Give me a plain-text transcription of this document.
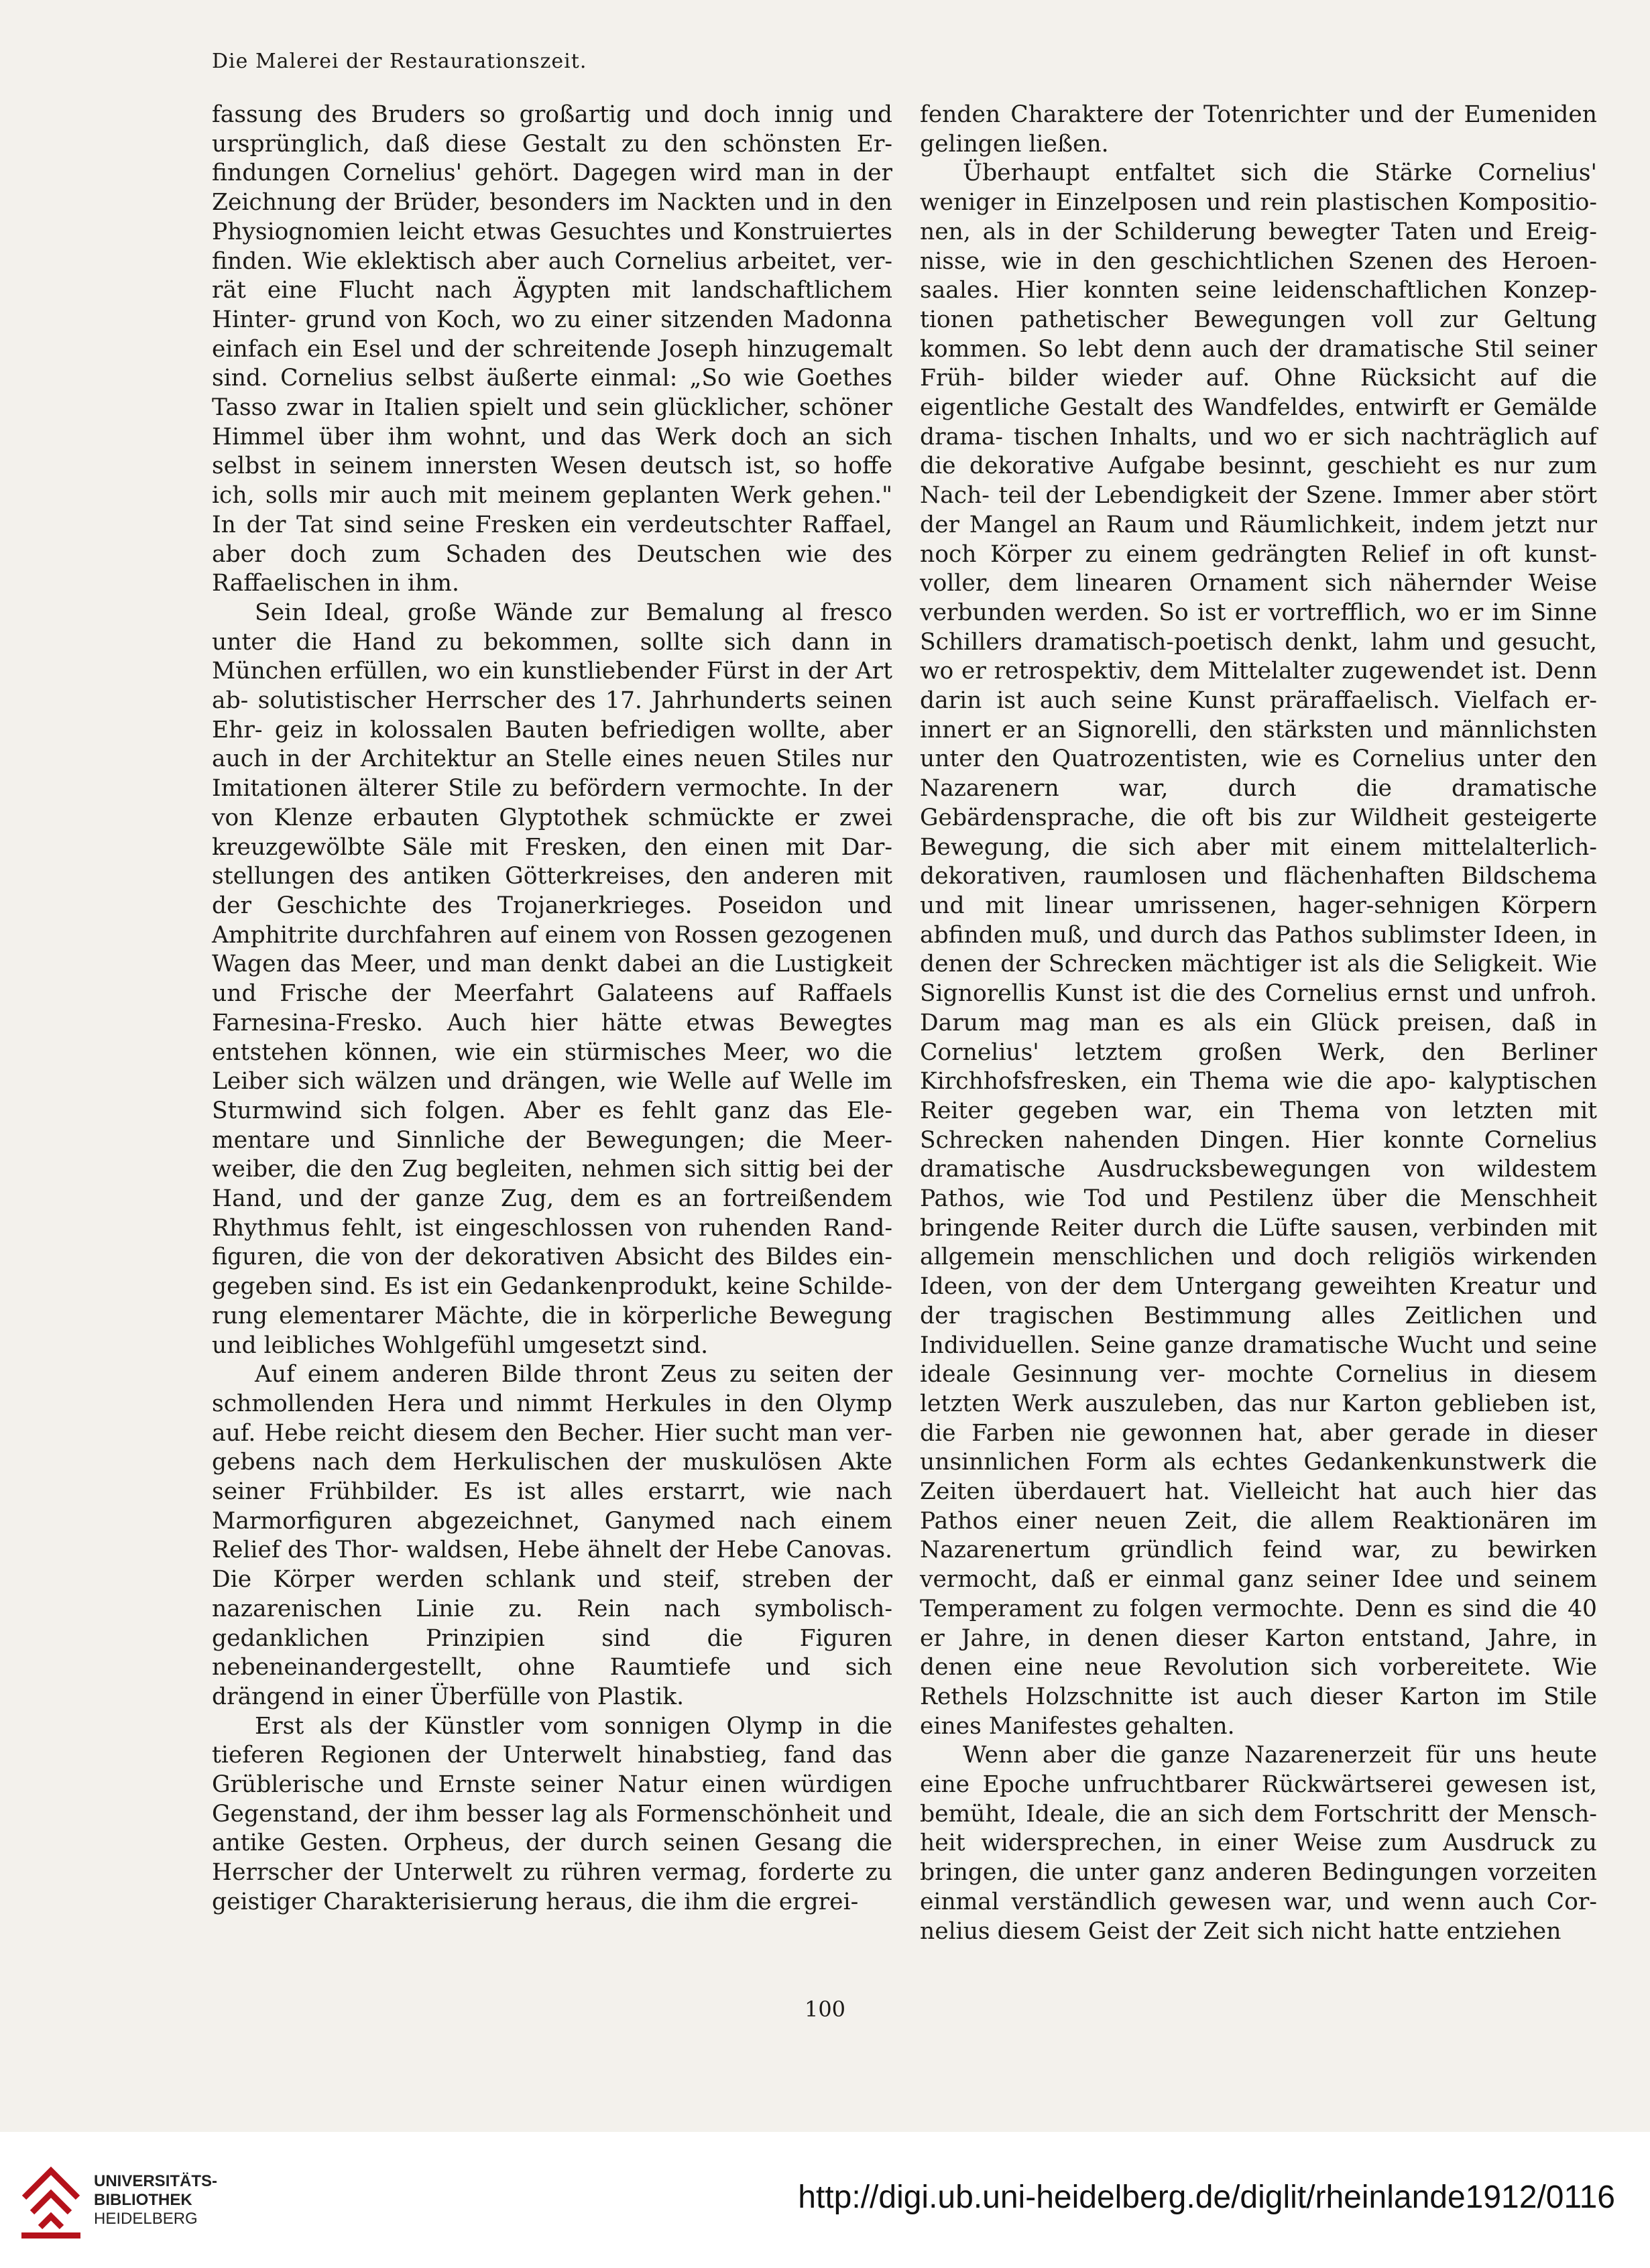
Die Malerei der Restaurationszeit.

fassung des Bruders so großartig und doch innig und ursprünglich, daß diese Gestalt zu den schönsten Er- findungen Cornelius' gehört. Dagegen wird man in der Zeichnung der Brüder, besonders im Nackten und in den Physiognomien leicht etwas Gesuchtes und Konstruiertes finden. Wie eklektisch aber auch Cornelius arbeitet, ver- rät eine Flucht nach Ägypten mit landschaftlichem Hinter- grund von Koch, wo zu einer sitzenden Madonna einfach ein Esel und der schreitende Joseph hinzugemalt sind. Cornelius selbst äußerte einmal: „So wie Goethes Tasso zwar in Italien spielt und sein glücklicher, schöner Himmel über ihm wohnt, und das Werk doch an sich selbst in seinem innersten Wesen deutsch ist, so hoffe ich, solls mir auch mit meinem geplanten Werk gehen." In der Tat sind seine Fresken ein verdeutschter Raffael, aber doch zum Schaden des Deutschen wie des Raffaelischen in ihm.

Sein Ideal, große Wände zur Bemalung al fresco unter die Hand zu bekommen, sollte sich dann in München erfüllen, wo ein kunstliebender Fürst in der Art ab- solutistischer Herrscher des 17. Jahrhunderts seinen Ehr- geiz in kolossalen Bauten befriedigen wollte, aber auch in der Architektur an Stelle eines neuen Stiles nur Imitationen älterer Stile zu befördern vermochte. In der von Klenze erbauten Glyptothek schmückte er zwei kreuzgewölbte Säle mit Fresken, den einen mit Dar- stellungen des antiken Götterkreises, den anderen mit der Geschichte des Trojanerkrieges. Poseidon und Amphitrite durchfahren auf einem von Rossen gezogenen Wagen das Meer, und man denkt dabei an die Lustigkeit und Frische der Meerfahrt Galateens auf Raffaels Farnesina-Fresko. Auch hier hätte etwas Bewegtes entstehen können, wie ein stürmisches Meer, wo die Leiber sich wälzen und drängen, wie Welle auf Welle im Sturmwind sich folgen. Aber es fehlt ganz das Ele- mentare und Sinnliche der Bewegungen; die Meer- weiber, die den Zug begleiten, nehmen sich sittig bei der Hand, und der ganze Zug, dem es an fortreißendem Rhythmus fehlt, ist eingeschlossen von ruhenden Rand- figuren, die von der dekorativen Absicht des Bildes ein- gegeben sind. Es ist ein Gedankenprodukt, keine Schilde- rung elementarer Mächte, die in körperliche Bewegung und leibliches Wohlgefühl umgesetzt sind.

Auf einem anderen Bilde thront Zeus zu seiten der schmollenden Hera und nimmt Herkules in den Olymp auf. Hebe reicht diesem den Becher. Hier sucht man ver- gebens nach dem Herkulischen der muskulösen Akte seiner Frühbilder. Es ist alles erstarrt, wie nach Marmorfiguren abgezeichnet, Ganymed nach einem Relief des Thor- waldsen, Hebe ähnelt der Hebe Canovas. Die Körper werden schlank und steif, streben der nazarenischen Linie zu. Rein nach symbolisch-gedanklichen Prinzipien sind die Figuren nebeneinandergestellt, ohne Raumtiefe und sich drängend in einer Überfülle von Plastik.

Erst als der Künstler vom sonnigen Olymp in die tieferen Regionen der Unterwelt hinabstieg, fand das Grüblerische und Ernste seiner Natur einen würdigen Gegenstand, der ihm besser lag als Formenschönheit und antike Gesten. Orpheus, der durch seinen Gesang die Herrscher der Unterwelt zu rühren vermag, forderte zu geistiger Charakterisierung heraus, die ihm die ergrei-

fenden Charaktere der Totenrichter und der Eumeniden gelingen ließen.

Überhaupt entfaltet sich die Stärke Cornelius' weniger in Einzelposen und rein plastischen Kompositio- nen, als in der Schilderung bewegter Taten und Ereig- nisse, wie in den geschichtlichen Szenen des Heroen- saales. Hier konnten seine leidenschaftlichen Konzep- tionen pathetischer Bewegungen voll zur Geltung kommen. So lebt denn auch der dramatische Stil seiner Früh- bilder wieder auf. Ohne Rücksicht auf die eigentliche Gestalt des Wandfeldes, entwirft er Gemälde drama- tischen Inhalts, und wo er sich nachträglich auf die dekorative Aufgabe besinnt, geschieht es nur zum Nach- teil der Lebendigkeit der Szene. Immer aber stört der Mangel an Raum und Räumlichkeit, indem jetzt nur noch Körper zu einem gedrängten Relief in oft kunst- voller, dem linearen Ornament sich nähernder Weise verbunden werden. So ist er vortrefflich, wo er im Sinne Schillers dramatisch-poetisch denkt, lahm und gesucht, wo er retrospektiv, dem Mittelalter zugewendet ist. Denn darin ist auch seine Kunst präraffaelisch. Vielfach er- innert er an Signorelli, den stärksten und männlichsten unter den Quatrozentisten, wie es Cornelius unter den Nazarenern war, durch die dramatische Gebärdensprache, die oft bis zur Wildheit gesteigerte Bewegung, die sich aber mit einem mittelalterlich-dekorativen, raumlosen und flächenhaften Bildschema und mit linear umrissenen, hager-sehnigen Körpern abfinden muß, und durch das Pathos sublimster Ideen, in denen der Schrecken mächtiger ist als die Seligkeit. Wie Signorellis Kunst ist die des Cornelius ernst und unfroh. Darum mag man es als ein Glück preisen, daß in Cornelius' letztem großen Werk, den Berliner Kirchhofsfresken, ein Thema wie die apo- kalyptischen Reiter gegeben war, ein Thema von letzten mit Schrecken nahenden Dingen. Hier konnte Cornelius dramatische Ausdrucksbewegungen von wildestem Pathos, wie Tod und Pestilenz über die Menschheit bringende Reiter durch die Lüfte sausen, verbinden mit allgemein menschlichen und doch religiös wirkenden Ideen, von der dem Untergang geweihten Kreatur und der tragischen Bestimmung alles Zeitlichen und Individuellen. Seine ganze dramatische Wucht und seine ideale Gesinnung ver- mochte Cornelius in diesem letzten Werk auszuleben, das nur Karton geblieben ist, die Farben nie gewonnen hat, aber gerade in dieser unsinnlichen Form als echtes Gedankenkunstwerk die Zeiten überdauert hat. Vielleicht hat auch hier das Pathos einer neuen Zeit, die allem Reaktionären im Nazarenertum gründlich feind war, zu bewirken vermocht, daß er einmal ganz seiner Idee und seinem Temperament zu folgen vermochte. Denn es sind die 40 er Jahre, in denen dieser Karton entstand, Jahre, in denen eine neue Revolution sich vorbereitete. Wie Rethels Holzschnitte ist auch dieser Karton im Stile eines Manifestes gehalten.

Wenn aber die ganze Nazarenerzeit für uns heute eine Epoche unfruchtbarer Rückwärtserei gewesen ist, bemüht, Ideale, die an sich dem Fortschritt der Mensch- heit widersprechen, in einer Weise zum Ausdruck zu bringen, die unter ganz anderen Bedingungen vorzeiten einmal verständlich gewesen war, und wenn auch Cor- nelius diesem Geist der Zeit sich nicht hatte entziehen

100
UNIVERSITÄTS-
BIBLIOTHEK
HEIDELBERG
http://digi.ub.uni-heidelberg.de/diglit/rheinlande1912/0116
